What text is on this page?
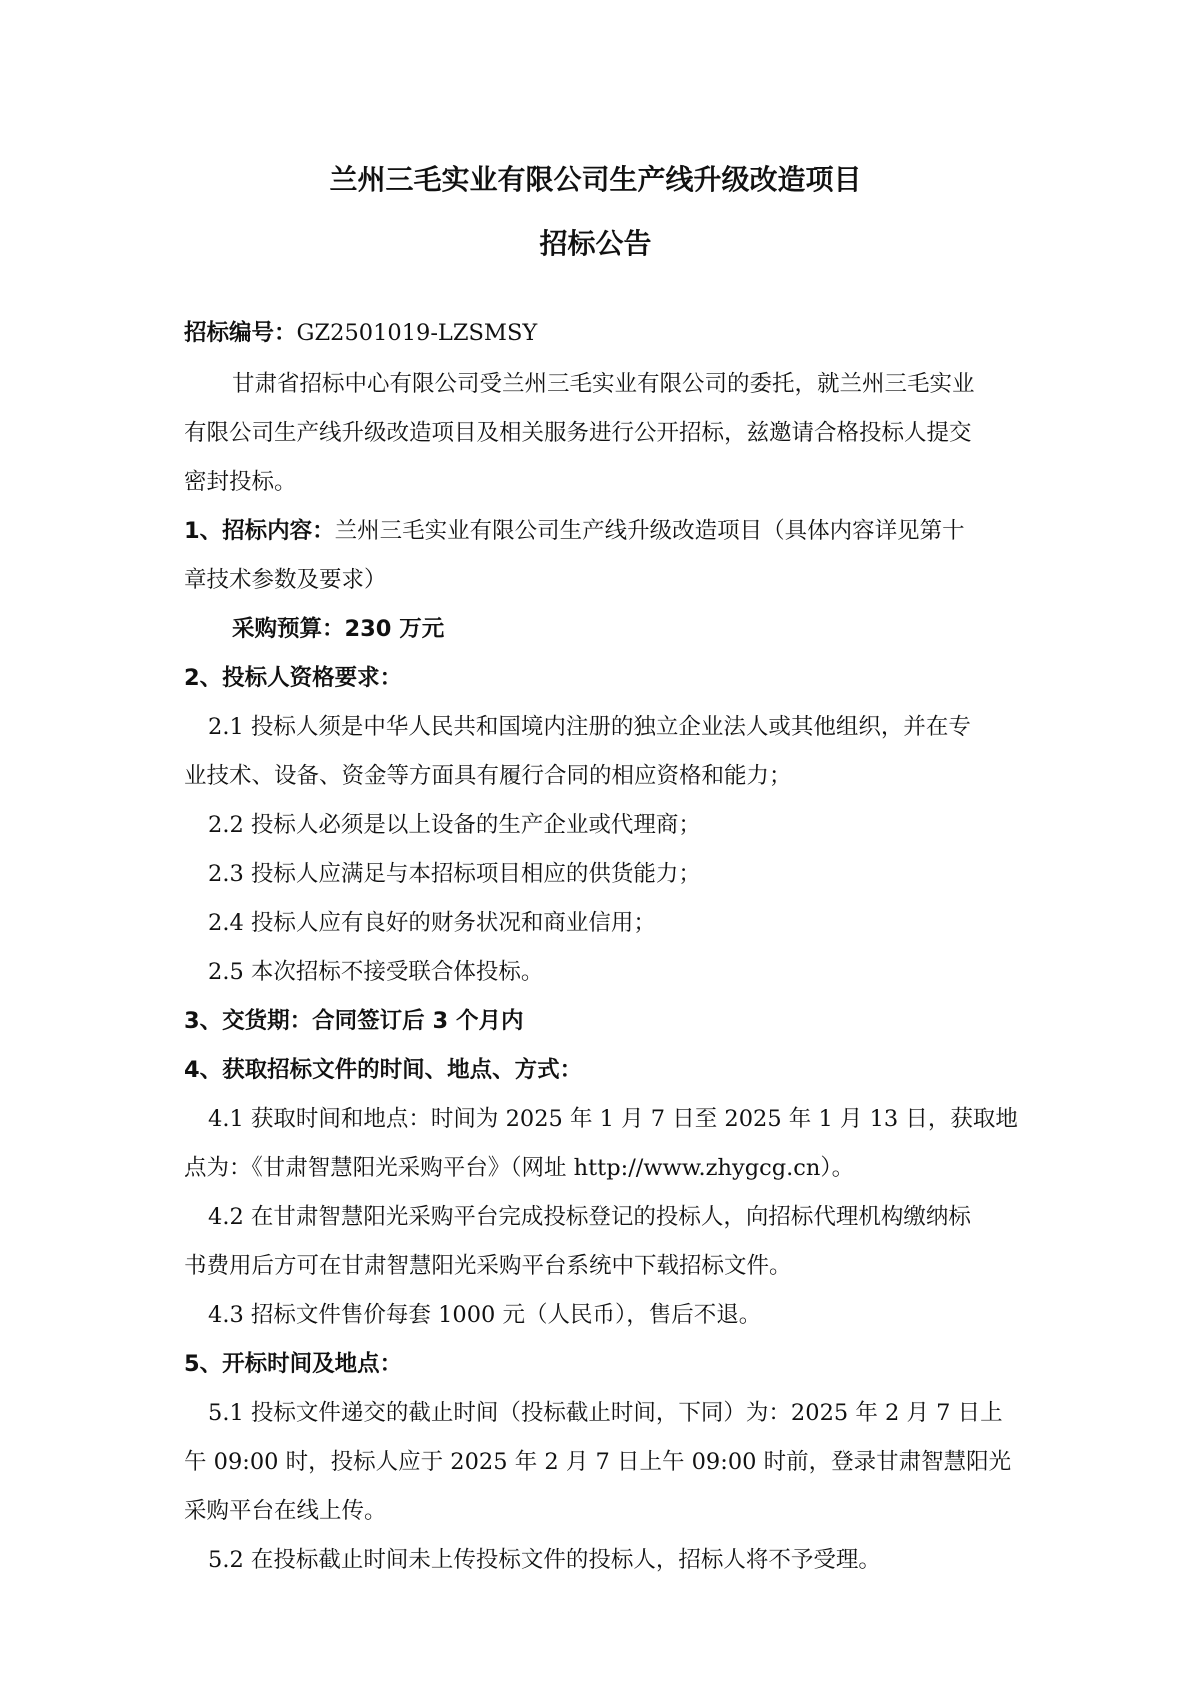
兰州三毛实业有限公司生产线升级改造项目
招标公告
招标编号：GZ2501019-LZSMSY
甘肃省招标中心有限公司受兰州三毛实业有限公司的委托，就兰州三毛实业
有限公司生产线升级改造项目及相关服务进行公开招标，兹邀请合格投标人提交
密封投标。
1、招标内容：兰州三毛实业有限公司生产线升级改造项目（具体内容详见第十
章技术参数及要求）
采购预算：230 万元
2、投标人资格要求：
2.1 投标人须是中华人民共和国境内注册的独立企业法人或其他组织，并在专
业技术、设备、资金等方面具有履行合同的相应资格和能力；
2.2 投标人必须是以上设备的生产企业或代理商；
2.3 投标人应满足与本招标项目相应的供货能力；
2.4 投标人应有良好的财务状况和商业信用；
2.5 本次招标不接受联合体投标。
3、交货期：合同签订后 3 个月内
4、获取招标文件的时间、地点、方式：
4.1 获取时间和地点：时间为 2025 年 1 月 7 日至 2025 年 1 月 13 日，获取地
点为：《甘肃智慧阳光采购平台》（网址 http://www.zhygcg.cn）。
4.2 在甘肃智慧阳光采购平台完成投标登记的投标人，向招标代理机构缴纳标
书费用后方可在甘肃智慧阳光采购平台系统中下载招标文件。
4.3 招标文件售价每套 1000 元（人民币），售后不退。
5、开标时间及地点：
5.1 投标文件递交的截止时间（投标截止时间，下同）为：2025 年 2 月 7 日上
午 09:00 时，投标人应于 2025 年 2 月 7 日上午 09:00 时前，登录甘肃智慧阳光
采购平台在线上传。
5.2 在投标截止时间未上传投标文件的投标人，招标人将不予受理。
